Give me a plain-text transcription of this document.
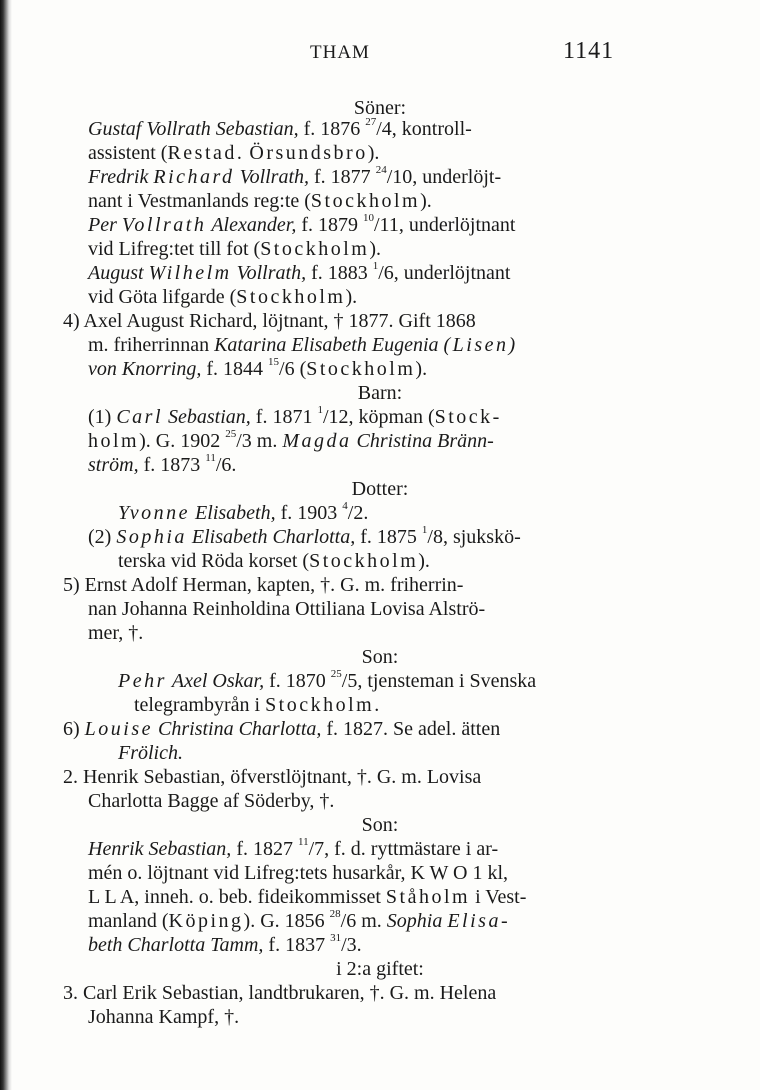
THAM	1141
Söner:
Gustaf Vollrath Sebastian, f. 1876 $^{27}$/4, kontroll-
assistent (Restad. Örsundsbro).
Fredrik Richard Vollrath, f. 1877 $^{24}$/10, underlöjt-
nant i Vestmanlands reg:te (Stockholm).
Per Vollrath Alexander, f. 1879 $^{10}$/11, underlöjtnant
vid Lifreg:tet till fot (Stockholm).
August Wilhelm Vollrath, f. 1883 $^1$/6, underlöjtnant
vid Göta lifgarde (Stockholm).
4) Axel August Richard, löjtnant, † 1877. Gift 1868
m. friherrinnan Katarina Elisabeth Eugenia (Lisen)
von Knorring, f. 1844 $^{15}$/6 (Stockholm).
Barn:
(1) Carl Sebastian, f. 1871 $^1$/12, köpman (Stock-
holm). G. 1902 $^{25}$/3 m. Magda Christina Bränn-
ström, f. 1873 $^{11}$/6.
Dotter:
Yvonne Elisabeth, f. 1903 $^4$/2.
(2) Sophia Elisabeth Charlotta, f. 1875 $^1$/8, sjukskö-
terska vid Röda korset (Stockholm).
5) Ernst Adolf Herman, kapten, †. G. m. friherrin-
nan Johanna Reinholdina Ottiliana Lovisa Alströ-
mer, †.
Son:
Pehr Axel Oskar, f. 1870 $^{25}$/5, tjensteman i Svenska
telegrambyrån i Stockholm.
6) Louise Christina Charlotta, f. 1827. Se adel. ätten
Frölich.
2. Henrik Sebastian, öfverstlöjtnant, †. G. m. Lovisa
Charlotta Bagge af Söderby, †.
Son:
Henrik Sebastian, f. 1827 $^{11}$/7, f. d. ryttmästare i ar-
mén o. löjtnant vid Lifreg:tets husarkår, K W O 1 kl,
L L A, inneh. o. beb. fideikommisset Ståholm i Vest-
manland (Köping). G. 1856 $^{28}$/6 m. Sophia Elisa-
beth Charlotta Tamm, f. 1837 $^{31}$/3.
i 2:a giftet:
3. Carl Erik Sebastian, landtbrukaren, †. G. m. Helena
Johanna Kampf, †.
